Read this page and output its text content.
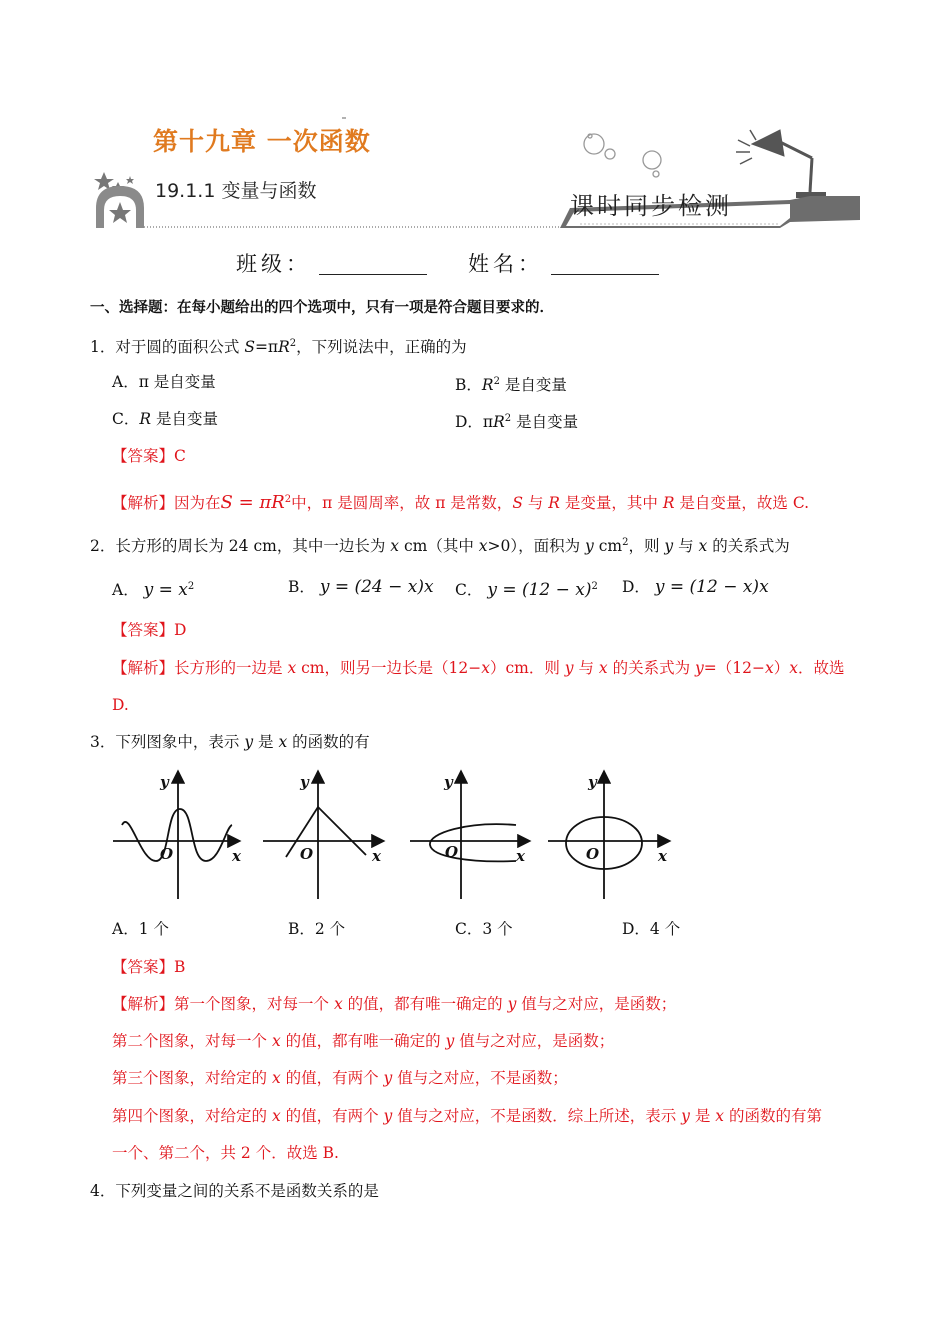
第十九章 一次函数
19.1.1 变量与函数
课时同步检测
班级：	姓名：
一、选择题：在每小题给出的四个选项中，只有一项是符合题目要求的．
1．对于圆的面积公式 $S=\pi R^2$，下列说法中，正确的为
A．π 是自变量	B．$R^2$ 是自变量
C．R 是自变量	D．$\pi R^2$ 是自变量
【答案】C
【解析】因为在$S = \pi R^2$中，π 是圆周率，故 π 是常数，S 与 R 是变量，其中 R 是自变量，故选 C.
2．长方形的周长为 24 cm，其中一边长为 x cm（其中 x>0），面积为 y $cm^2$，则 y 与 x 的关系式为
A． $y = x^2$	B． y = (24 − x)x C． $y = (12 - x)^2$ D． y = (12 − x)x
【答案】D
【解析】长方形的一边是 x cm，则另一边长是（12−x）cm．则 y 与 x 的关系式为 y=（12−x）x．故选
D.
3．下列图象中，表示 y 是 x 的函数的有
y
x
O
y
x
O
y
x
O
y
x
O
A．1 个	B．2 个	C．3 个	D．4 个
【答案】B
【解析】第一个图象，对每一个 x 的值，都有唯一确定的 y 值与之对应，是函数；
第二个图象，对每一个 x 的值，都有唯一确定的 y 值与之对应，是函数；
第三个图象，对给定的 x 的值，有两个 y 值与之对应，不是函数；
第四个图象，对给定的 x 的值，有两个 y 值与之对应，不是函数．综上所述，表示 y 是 x 的函数的有第
一个、第二个，共 2 个．故选 B.
4．下列变量之间的关系不是函数关系的是
